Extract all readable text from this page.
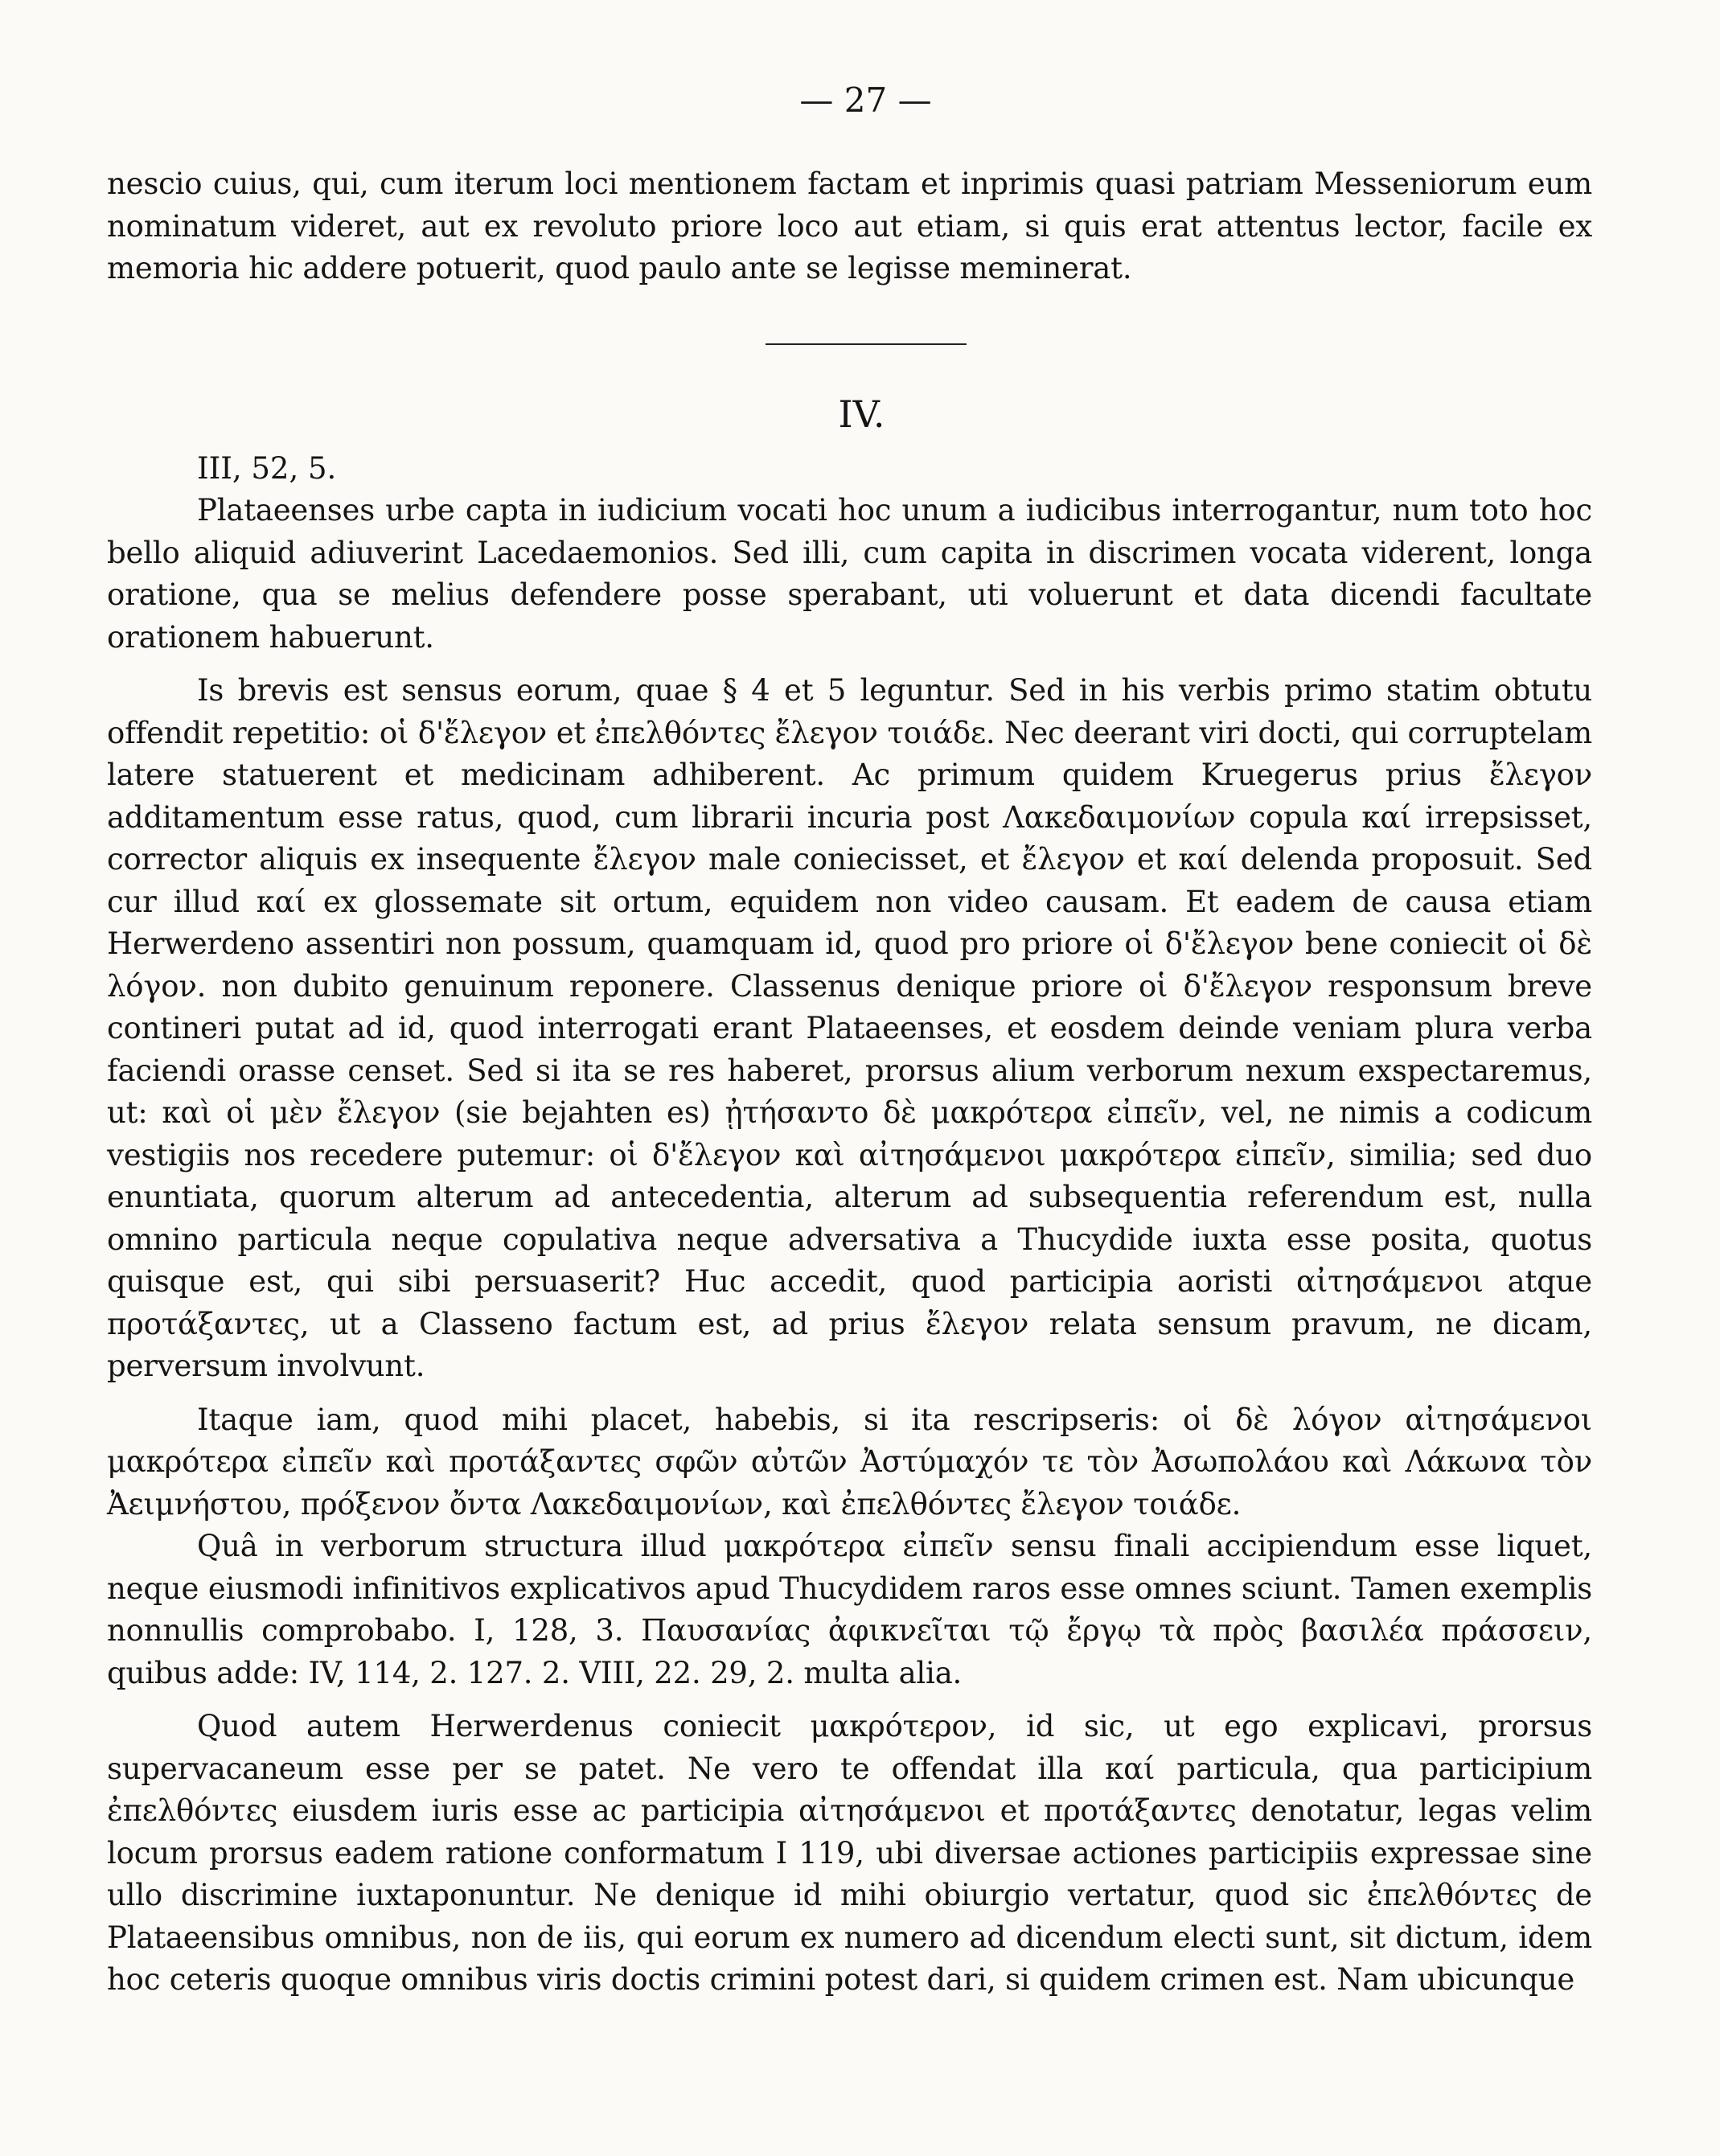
— 27 —

nescio cuius, qui, cum iterum loci mentionem factam et inprimis quasi patriam Messeniorum eum nominatum videret, aut ex revoluto priore loco aut etiam, si quis erat attentus lector, facile ex memoria hic addere potuerit, quod paulo ante se legisse meminerat.

IV.

III, 52, 5.

Plataeenses urbe capta in iudicium vocati hoc unum a iudicibus interrogantur, num toto hoc bello aliquid adiuverint Lacedaemonios. Sed illi, cum capita in discrimen vocata viderent, longa oratione, qua se melius defendere posse sperabant, uti voluerunt et data dicendi facultate orationem habuerunt.

Is brevis est sensus eorum, quae § 4 et 5 leguntur. Sed in his verbis primo statim obtutu offendit repetitio: οἱ δ'ἔλεγον et ἐπελθόντες ἔλεγον τοιάδε. Nec deerant viri docti, qui corruptelam latere statuerent et medicinam adhiberent. Ac primum quidem Kruegerus prius ἔλεγον additamentum esse ratus, quod, cum librarii incuria post Λακεδαιμονίων copula καί irrepsisset, corrector aliquis ex insequente ἔλεγον male coniecisset, et ἔλεγον et καί delenda proposuit. Sed cur illud καί ex glossemate sit ortum, equidem non video causam. Et eadem de causa etiam Herwerdeno assentiri non possum, quamquam id, quod pro priore οἱ δ'ἔλεγον bene coniecit οἱ δὲ λόγον. non dubito genuinum reponere. Classenus denique priore οἱ δ'ἔλεγον responsum breve contineri putat ad id, quod interrogati erant Plataeenses, et eosdem deinde veniam plura verba faciendi orasse censet. Sed si ita se res haberet, prorsus alium verborum nexum exspectaremus, ut: καὶ οἱ μὲν ἔλεγον (sie bejahten es) ᾐτήσαντο δὲ μακρότερα εἰπεῖν, vel, ne nimis a codicum vestigiis nos recedere putemur: οἱ δ'ἔλεγον καὶ αἰτησάμενοι μακρότερα εἰπεῖν, similia; sed duo enuntiata, quorum alterum ad antecedentia, alterum ad subsequentia referendum est, nulla omnino particula neque copulativa neque adversativa a Thucydide iuxta esse posita, quotus quisque est, qui sibi persuaserit? Huc accedit, quod participia aoristi αἰτησάμενοι atque προτάξαντες, ut a Classeno factum est, ad prius ἔλεγον relata sensum pravum, ne dicam, perversum involvunt.

Itaque iam, quod mihi placet, habebis, si ita rescripseris: οἱ δὲ λόγον αἰτησάμενοι μακρότερα εἰπεῖν καὶ προτάξαντες σφῶν αὐτῶν Ἀστύμαχόν τε τὸν Ἀσωπολάου καὶ Λάκωνα τὸν Ἀειμνήστου, πρόξενον ὄντα Λακεδαιμονίων, καὶ ἐπελθόντες ἔλεγον τοιάδε.

Quâ in verborum structura illud μακρότερα εἰπεῖν sensu finali accipiendum esse liquet, neque eiusmodi infinitivos explicativos apud Thucydidem raros esse omnes sciunt. Tamen exemplis nonnullis comprobabo. I, 128, 3. Παυσανίας ἀφικνεῖται τῷ ἔργῳ τὰ πρὸς βασιλέα πράσσειν, quibus adde: IV, 114, 2. 127. 2. VIII, 22. 29, 2. multa alia.

Quod autem Herwerdenus coniecit μακρότερον, id sic, ut ego explicavi, prorsus supervacaneum esse per se patet. Ne vero te offendat illa καί particula, qua participium ἐπελθόντες eiusdem iuris esse ac participia αἰτησάμενοι et προτάξαντες denotatur, legas velim locum prorsus eadem ratione conformatum I 119, ubi diversae actiones participiis expressae sine ullo discrimine iuxtaponuntur. Ne denique id mihi obiurgio vertatur, quod sic ἐπελθόντες de Plataeensibus omnibus, non de iis, qui eorum ex numero ad dicendum electi sunt, sit dictum, idem hoc ceteris quoque omnibus viris doctis crimini potest dari, si quidem crimen est. Nam ubicunque
